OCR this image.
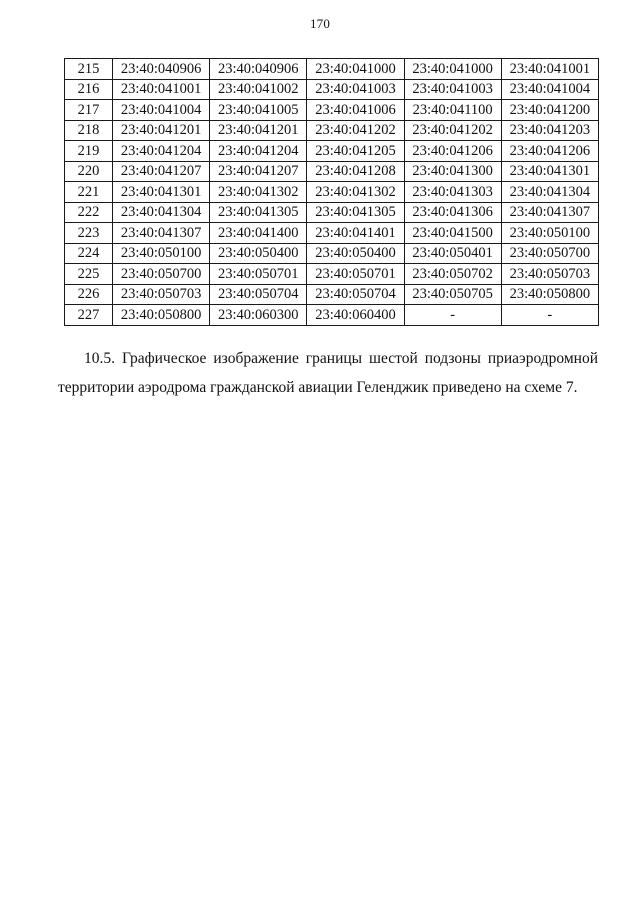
170
215	23:40:040906	23:40:040906	23:40:041000	23:40:041000	23:40:041001
216	23:40:041001	23:40:041002	23:40:041003	23:40:041003	23:40:041004
217	23:40:041004	23:40:041005	23:40:041006	23:40:041100	23:40:041200
218	23:40:041201	23:40:041201	23:40:041202	23:40:041202	23:40:041203
219	23:40:041204	23:40:041204	23:40:041205	23:40:041206	23:40:041206
220	23:40:041207	23:40:041207	23:40:041208	23:40:041300	23:40:041301
221	23:40:041301	23:40:041302	23:40:041302	23:40:041303	23:40:041304
222	23:40:041304	23:40:041305	23:40:041305	23:40:041306	23:40:041307
223	23:40:041307	23:40:041400	23:40:041401	23:40:041500	23:40:050100
224	23:40:050100	23:40:050400	23:40:050400	23:40:050401	23:40:050700
225	23:40:050700	23:40:050701	23:40:050701	23:40:050702	23:40:050703
226	23:40:050703	23:40:050704	23:40:050704	23:40:050705	23:40:050800
227	23:40:050800	23:40:060300	23:40:060400	-	-

10.5. Графическое изображение границы шестой подзоны приаэродромной территории аэродрома гражданской авиации Геленджик приведено на схеме 7.
